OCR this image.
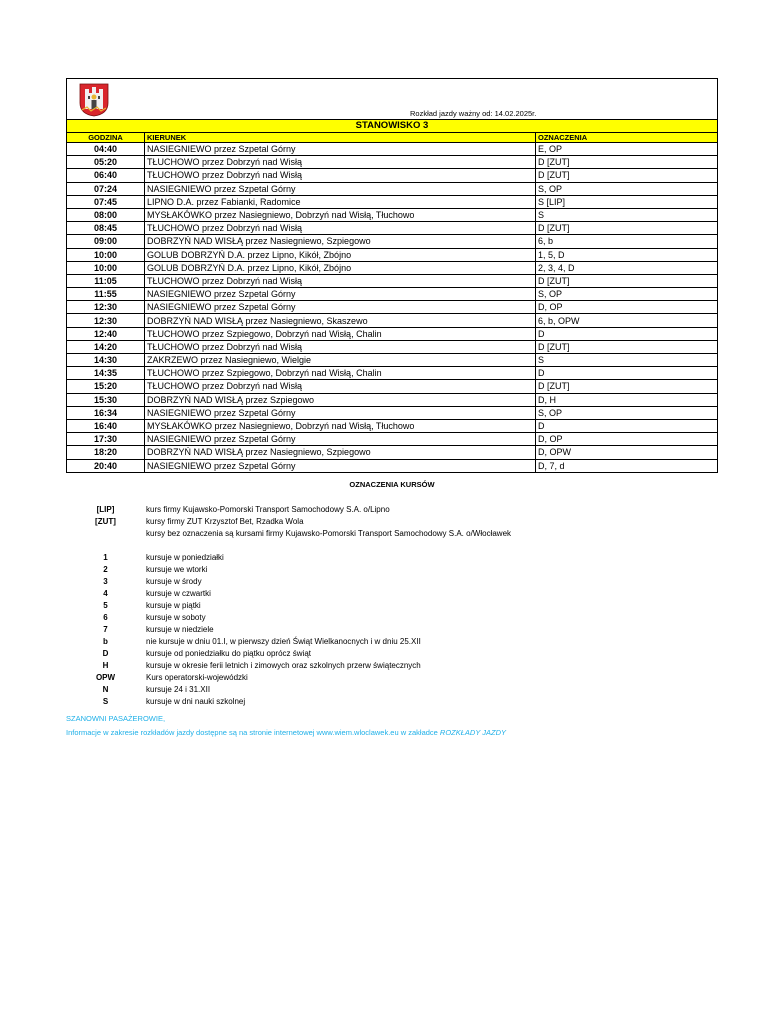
Rozkład jazdy ważny od: 14.02.2025r.
STANOWISKO 3
GODZINA	KIERUNEK	OZNACZENIA
04:40	NASIEGNIEWO przez Szpetal Górny	E, OP
05:20	TŁUCHOWO przez Dobrzyń nad Wisłą	D [ZUT]
06:40	TŁUCHOWO przez Dobrzyń nad Wisłą	D [ZUT]
07:24	NASIEGNIEWO przez Szpetal Górny	S, OP
07:45	LIPNO D.A. przez Fabianki, Radomice	S [LIP]
08:00	MYSŁAKÓWKO przez Nasiegniewo, Dobrzyń nad Wisłą, Tłuchowo	S
08:45	TŁUCHOWO przez Dobrzyń nad Wisłą	D [ZUT]
09:00	DOBRZYŃ NAD WISŁĄ przez Nasiegniewo, Szpiegowo	6, b
10:00	GOLUB DOBRZYŃ D.A. przez Lipno, Kikół, Zbójno	1, 5, D
10:00	GOLUB DOBRZYŃ D.A. przez Lipno, Kikół, Zbójno	2, 3, 4, D
11:05	TŁUCHOWO przez Dobrzyń nad Wisłą	D [ZUT]
11:55	NASIEGNIEWO przez Szpetal Górny	S, OP
12:30	NASIEGNIEWO przez Szpetal Górny	D, OP
12:30	DOBRZYŃ NAD WISŁĄ przez Nasiegniewo, Skaszewo	6, b, OPW
12:40	TŁUCHOWO przez Szpiegowo, Dobrzyń nad Wisłą, Chalin	D
14:20	TŁUCHOWO przez Dobrzyń nad Wisłą	D [ZUT]
14:30	ZAKRZEWO przez Nasiegniewo, Wielgie	S
14:35	TŁUCHOWO przez Szpiegowo, Dobrzyń nad Wisłą, Chalin	D
15:20	TŁUCHOWO przez Dobrzyń nad Wisłą	D [ZUT]
15:30	DOBRZYŃ NAD WISŁĄ przez Szpiegowo	D, H
16:34	NASIEGNIEWO przez Szpetal Górny	S, OP
16:40	MYSŁAKÓWKO przez Nasiegniewo, Dobrzyń nad Wisłą, Tłuchowo	D
17:30	NASIEGNIEWO przez Szpetal Górny	D, OP
18:20	DOBRZYŃ NAD WISŁĄ przez Nasiegniewo, Szpiegowo	D, OPW
20:40	NASIEGNIEWO przez Szpetal Górny	D, 7, d
OZNACZENIA KURSÓW
[LIP]	kurs firmy Kujawsko-Pomorski Transport Samochodowy S.A. o/Lipno
[ZUT]	kursy firmy ZUT Krzysztof Bet, Rzadka Wola
kursy bez oznaczenia są kursami firmy Kujawsko-Pomorski Transport Samochodowy S.A. o/Włocławek
1	kursuje w poniedziałki
2	kursuje we wtorki
3	kursuje w środy
4	kursuje w czwartki
5	kursuje w piątki
6	kursuje w soboty
7	kursuje w niedziele
b	nie kursuje w dniu 01.I, w pierwszy dzień Świąt Wielkanocnych i w dniu 25.XII
D	kursuje od poniedziałku do piątku oprócz świąt
H	kursuje w okresie ferii letnich i zimowych oraz szkolnych przerw świątecznych
OPW	Kurs operatorski-wojewódzki
N	kursuje 24 i 31.XII
S	kursuje w dni nauki szkolnej
SZANOWNI PASAŻEROWIE,
Informacje w zakresie rozkładów jazdy dostępne są na stronie internetowej www.wiem.wloclawek.eu w zakładce ROZKŁADY JAZDY
